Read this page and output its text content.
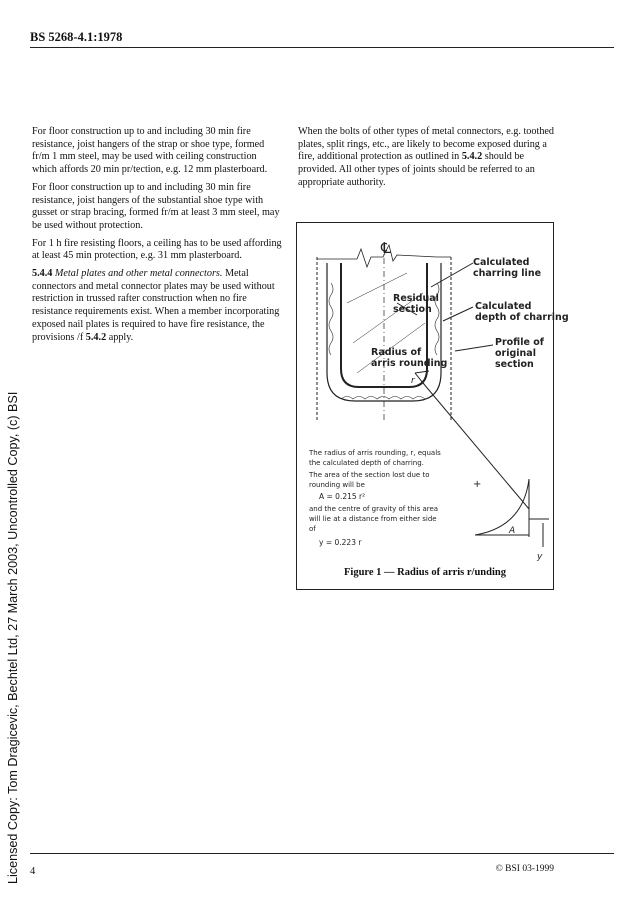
BS 5268-4.1:1978

For floor construction up to and including 30 min fire resistance, joist hangers of the strap or shoe type, formed fr/m 1 mm steel, may be used with ceiling construction which affords 20 min pr/tection, e.g. 12 mm plasterboard.

For floor construction up to and including 30 min fire resistance, joist hangers of the substantial shoe type with gusset or strap bracing, formed fr/m at least 3 mm steel, may be used without protection.

For 1 h fire resisting floors, a ceiling has to be used affording at least 45 min protection, e.g. 31 mm plasterboard.

5.4.4 Metal plates and other metal connectors. Metal connectors and metal connector plates may be used without restriction in trussed rafter construction when no fire resistance requirements exist. When a member incorporating exposed nail plates is required to have fire resistance, the provisions /f 5.4.2 apply.

When the bolts of other types of metal connectors, e.g. toothed plates, split rings, etc., are likely to become exposed during a fire, additional protection as outlined in 5.4.2 should be provided. All other types of joints should be referred to an appropriate authority.

℄
Calculated
charring line
Residual
section	Calculated
depth of charring
Profile of
original
section
Radius of
arris rounding
r
The radius of arris rounding, r, equals
the calculated depth of charring.
The area of the section lost due to
rounding will be
A = 0.215 r²
and the centre of gravity of this area
will lie at a distance from either side
of
y = 0.223 r
+
A
y
Figure 1 — Radius of arris r/unding
Licensed Copy: Tom Dragicevic, Bechtel Ltd, 27 March 2003, Uncontrolled Copy, (c) BSI 4	© BSI 03-1999
